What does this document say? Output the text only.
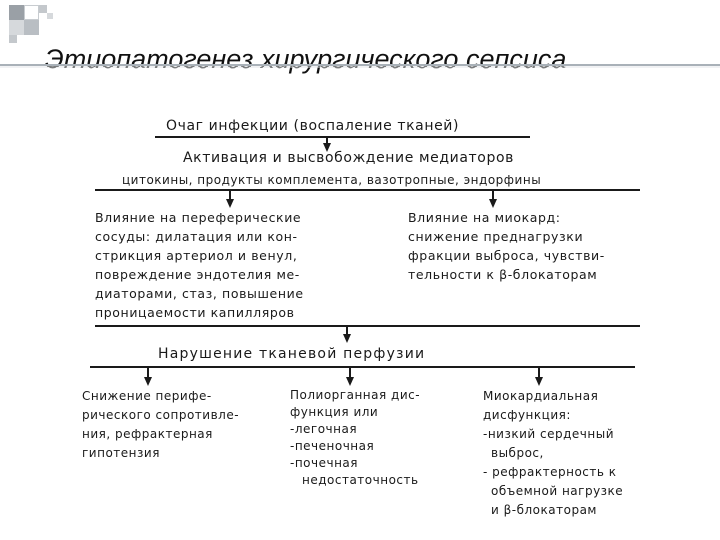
Этиопатогенез хирургического сепсиса
Очаг инфекции (воспаление тканей)
Активация и высвобождение медиаторов
цитокины, продукты комплемента, вазотропные, эндорфины
Влияние на переферические
сосуды: дилатация или кон-
стрикция артериол и венул,
повреждение эндотелия ме-
диаторами, стаз, повышение
проницаемости капилляров
Влияние на миокард:
снижение преднагрузки
фракции выброса, чувстви-
тельности к β-блокаторам
Нарушение тканевой перфузии
Снижение перифе-
рического сопротивле-
ния, рефрактерная
гипотензия
Полиорганная дис-
функция или
-легочная
-печеночная
-почечная
недостаточность
Миокардиальная
дисфункция:
-низкий сердечный
выброс,
- рефрактерность к
объемной нагрузке
и β-блокаторам
